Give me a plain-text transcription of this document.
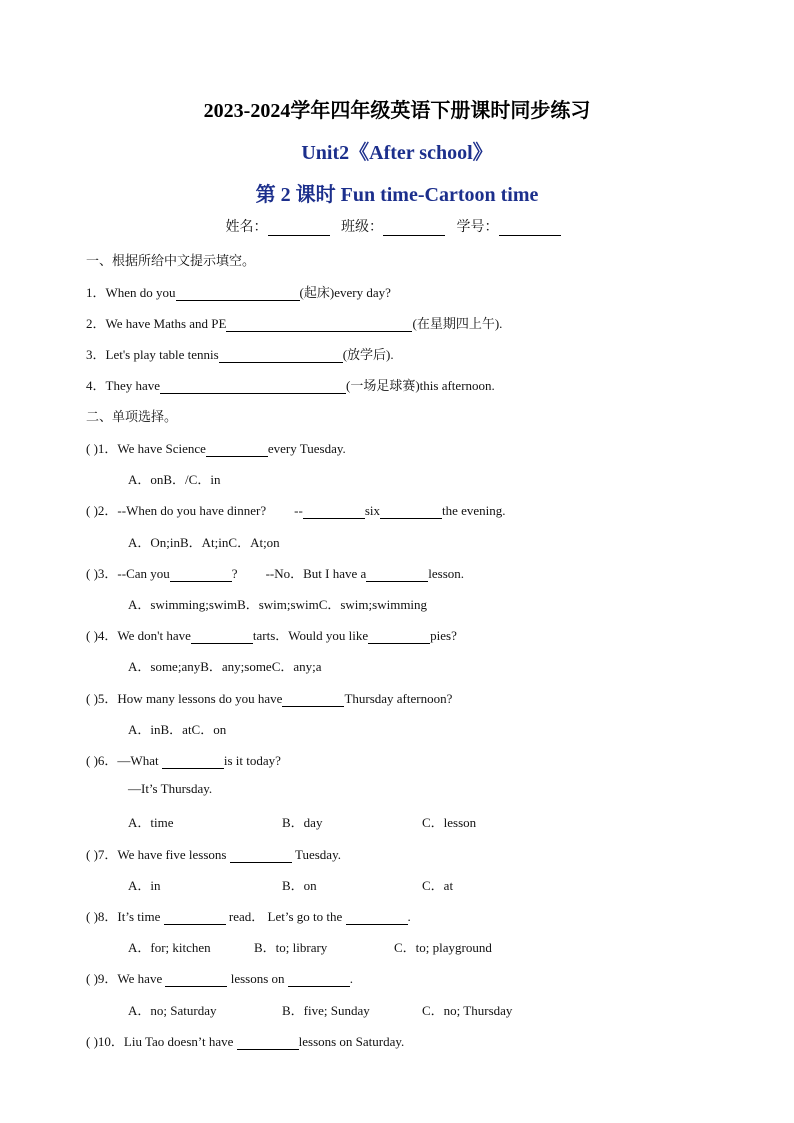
2023-2024学年四年级英语下册课时同步练习
Unit2《After school》
第 2 课时 Fun time-Cartoon time
姓名：	班级：	学号：
一、根据所给中文提示填空。
1．When do you	(起床)every day?
2．We have Maths and PE	(在星期四上午).
3．Let's play table tennis	(放学后).
4．They have	(一场足球赛)this afternoon.
二、单项选择。
( )1．We have Science	every Tuesday.
A．onB．/C．in
( )2．--When do you have dinner? --	six	the evening.
A．On;inB．At;inC．At;on
( )3．--Can you	? --No．But I have a	lesson.
A．swimming;swimB．swim;swimC．swim;swimming
( )4．We don't have	tarts．Would you like	pies?
A．some;anyB．any;someC．any;a
( )5．How many lessons do you have	Thursday afternoon?
A．inB．atC．on
( )6．—What	is it today?
—It’s Thursday.
A．time	B．day	C．lesson
( )7．We have five lessons	Tuesday.
A．in	B．on	C．at
( )8．It’s time	read． Let’s go to the	.
A．for; kitchen	B．to; library	C．to; playground
( )9．We have	lessons on	.
A．no; Saturday	B．five; Sunday	C．no; Thursday
( )10．Liu Tao doesn’t have	lessons on Saturday.
